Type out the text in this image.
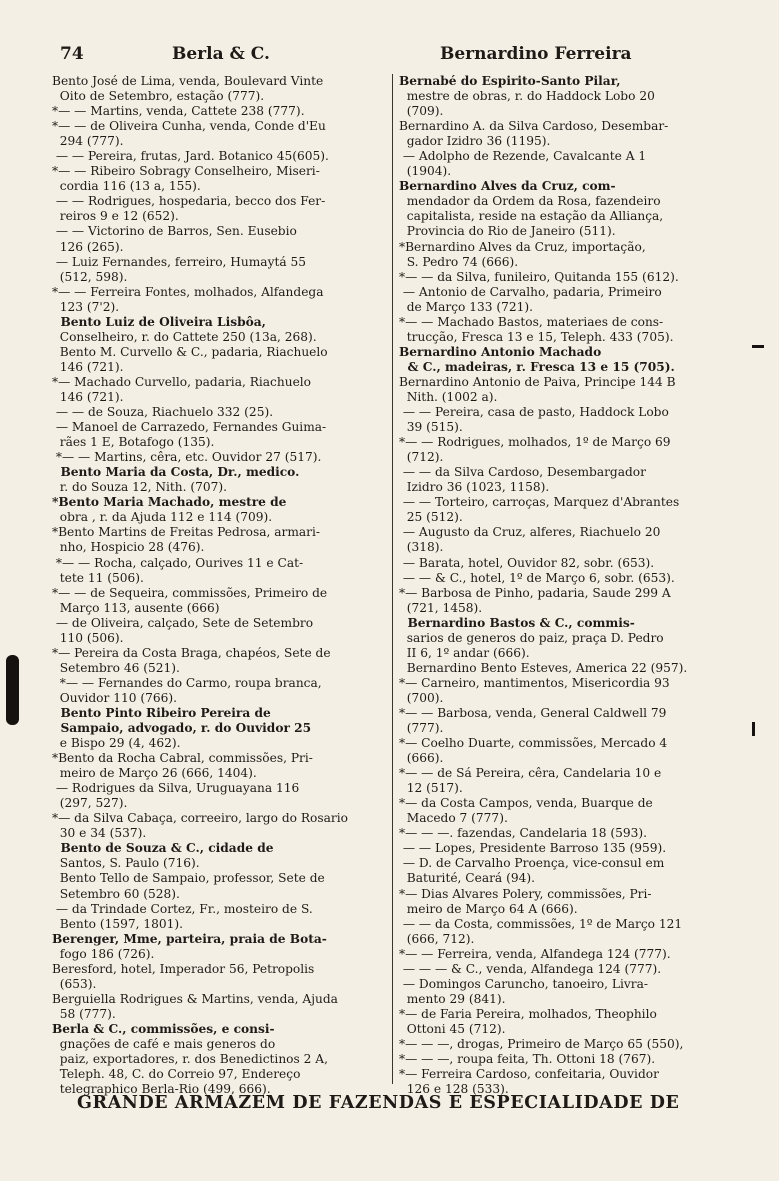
74	Berla & C.	Bernardino Ferreira
Bento José de Lima, venda, Boulevard Vinte
Oito de Setembro, estação (777).
*— — Martins, venda, Cattete 238 (777).
*— — de Oliveira Cunha, venda, Conde d'Eu
294 (777).
— — Pereira, frutas, Jard. Botanico 45(605).
*— — Ribeiro Sobragy Conselheiro, Miseri-
cordia 116 (13 a, 155).
— — Rodrigues, hospedaria, becco dos Fer-
reiros 9 e 12 (652).
— — Victorino de Barros, Sen. Eusebio
126 (265).
— Luiz Fernandes, ferreiro, Humaytá 55
(512, 598).
*— — Ferreira Fontes, molhados, Alfandega
123 (7'2).
Bento Luiz de Oliveira Lisbôa,
Conselheiro, r. do Cattete 250 (13a, 268).
Bento M. Curvello & C., padaria, Riachuelo
146 (721).
*— Machado Curvello, padaria, Riachuelo
146 (721).
— — de Souza, Riachuelo 332 (25).
— Manoel de Carrazedo, Fernandes Guima-
rães 1 E, Botafogo (135).
*— — Martins, cêra, etc. Ouvidor 27 (517).
Bento Maria da Costa, Dr., medico.
r. do Souza 12, Nith. (707).
*Bento Maria Machado, mestre de
obra , r. da Ajuda 112 e 114 (709).
*Bento Martins de Freitas Pedrosa, armari-
nho, Hospicio 28 (476).
*— — Rocha, calçado, Ourives 11 e Cat-
tete 11 (506).
*— — de Sequeira, commissões, Primeiro de
Março 113, ausente (666)
— de Oliveira, calçado, Sete de Setembro
110 (506).
*— Pereira da Costa Braga, chapéos, Sete de
Setembro 46 (521).
*— — Fernandes do Carmo, roupa branca,
Ouvidor 110 (766).
Bento Pinto Ribeiro Pereira de
Sampaio, advogado, r. do Ouvidor 25
e Bispo 29 (4, 462).
*Bento da Rocha Cabral, commissões, Pri-
meiro de Março 26 (666, 1404).
— Rodrigues da Silva, Uruguayana 116
(297, 527).
*— da Silva Cabaça, correeiro, largo do Rosario
30 e 34 (537).
Bento de Souza & C., cidade de
Santos, S. Paulo (716).
Bento Tello de Sampaio, professor, Sete de
Setembro 60 (528).
— da Trindade Cortez, Fr., mosteiro de S.
Bento (1597, 1801).
Berenger, Mme, parteira, praia de Bota-
fogo 186 (726).
Beresford, hotel, Imperador 56, Petropolis
(653).
Berguiella Rodrigues & Martins, venda, Ajuda
58 (777).
Berla & C., commissões, e consi-
gnações de café e mais generos do
paiz, exportadores, r. dos Benedictinos 2 A,
Teleph. 48, C. do Correio 97, Endereço
telegraphico Berla-Rio (499, 666).
Bernabé do Espirito-Santo Pilar,
mestre de obras, r. do Haddock Lobo 20
(709).
Bernardino A. da Silva Cardoso, Desembar-
gador Izidro 36 (1195).
— Adolpho de Rezende, Cavalcante A 1
(1904).
Bernardino Alves da Cruz, com-
mendador da Ordem da Rosa, fazendeiro
capitalista, reside na estação da Alliança,
Provincia do Rio de Janeiro (511).
*Bernardino Alves da Cruz, importação,
S. Pedro 74 (666).
*— — da Silva, funileiro, Quitanda 155 (612).
— Antonio de Carvalho, padaria, Primeiro
de Março 133 (721).
*— — Machado Bastos, materiaes de cons-
trucção, Fresca 13 e 15, Teleph. 433 (705).
Bernardino Antonio Machado
& C., madeiras, r. Fresca 13 e 15 (705).
Bernardino Antonio de Paiva, Principe 144 B
Nith. (1002 a).
— — Pereira, casa de pasto, Haddock Lobo
39 (515).
*— — Rodrigues, molhados, 1º de Março 69
(712).
— — da Silva Cardoso, Desembargador
Izidro 36 (1023, 1158).
— — Torteiro, carroças, Marquez d'Abrantes
25 (512).
— Augusto da Cruz, alferes, Riachuelo 20
(318).
— Barata, hotel, Ouvidor 82, sobr. (653).
— — & C., hotel, 1º de Março 6, sobr. (653).
*— Barbosa de Pinho, padaria, Saude 299 A
(721, 1458).
Bernardino Bastos & C., commis-
sarios de generos do paiz, praça D. Pedro
II 6, 1º andar (666).
Bernardino Bento Esteves, America 22 (957).
*— Carneiro, mantimentos, Misericordia 93
(700).
*— — Barbosa, venda, General Caldwell 79
(777).
*— Coelho Duarte, commissões, Mercado 4
(666).
*— — de Sá Pereira, cêra, Candelaria 10 e
12 (517).
*— da Costa Campos, venda, Buarque de
Macedo 7 (777).
*— — —. fazendas, Candelaria 18 (593).
— — Lopes, Presidente Barroso 135 (959).
— D. de Carvalho Proença, vice-consul em
Baturité, Ceará (94).
*— Dias Alvares Polery, commissões, Pri-
meiro de Março 64 A (666).
— — da Costa, commissões, 1º de Março 121
(666, 712).
*— — Ferreira, venda, Alfandega 124 (777).
— — — & C., venda, Alfandega 124 (777).
— Domingos Caruncho, tanoeiro, Livra-
mento 29 (841).
*— de Faria Pereira, molhados, Theophilo
Ottoni 45 (712).
*— — —, drogas, Primeiro de Março 65 (550),
*— — —, roupa feita, Th. Ottoni 18 (767).
*— Ferreira Cardoso, confeitaria, Ouvidor
126 e 128 (533).
GRANDE ARMAZEM DE FAZENDAS E ESPECIALIDADE DE
